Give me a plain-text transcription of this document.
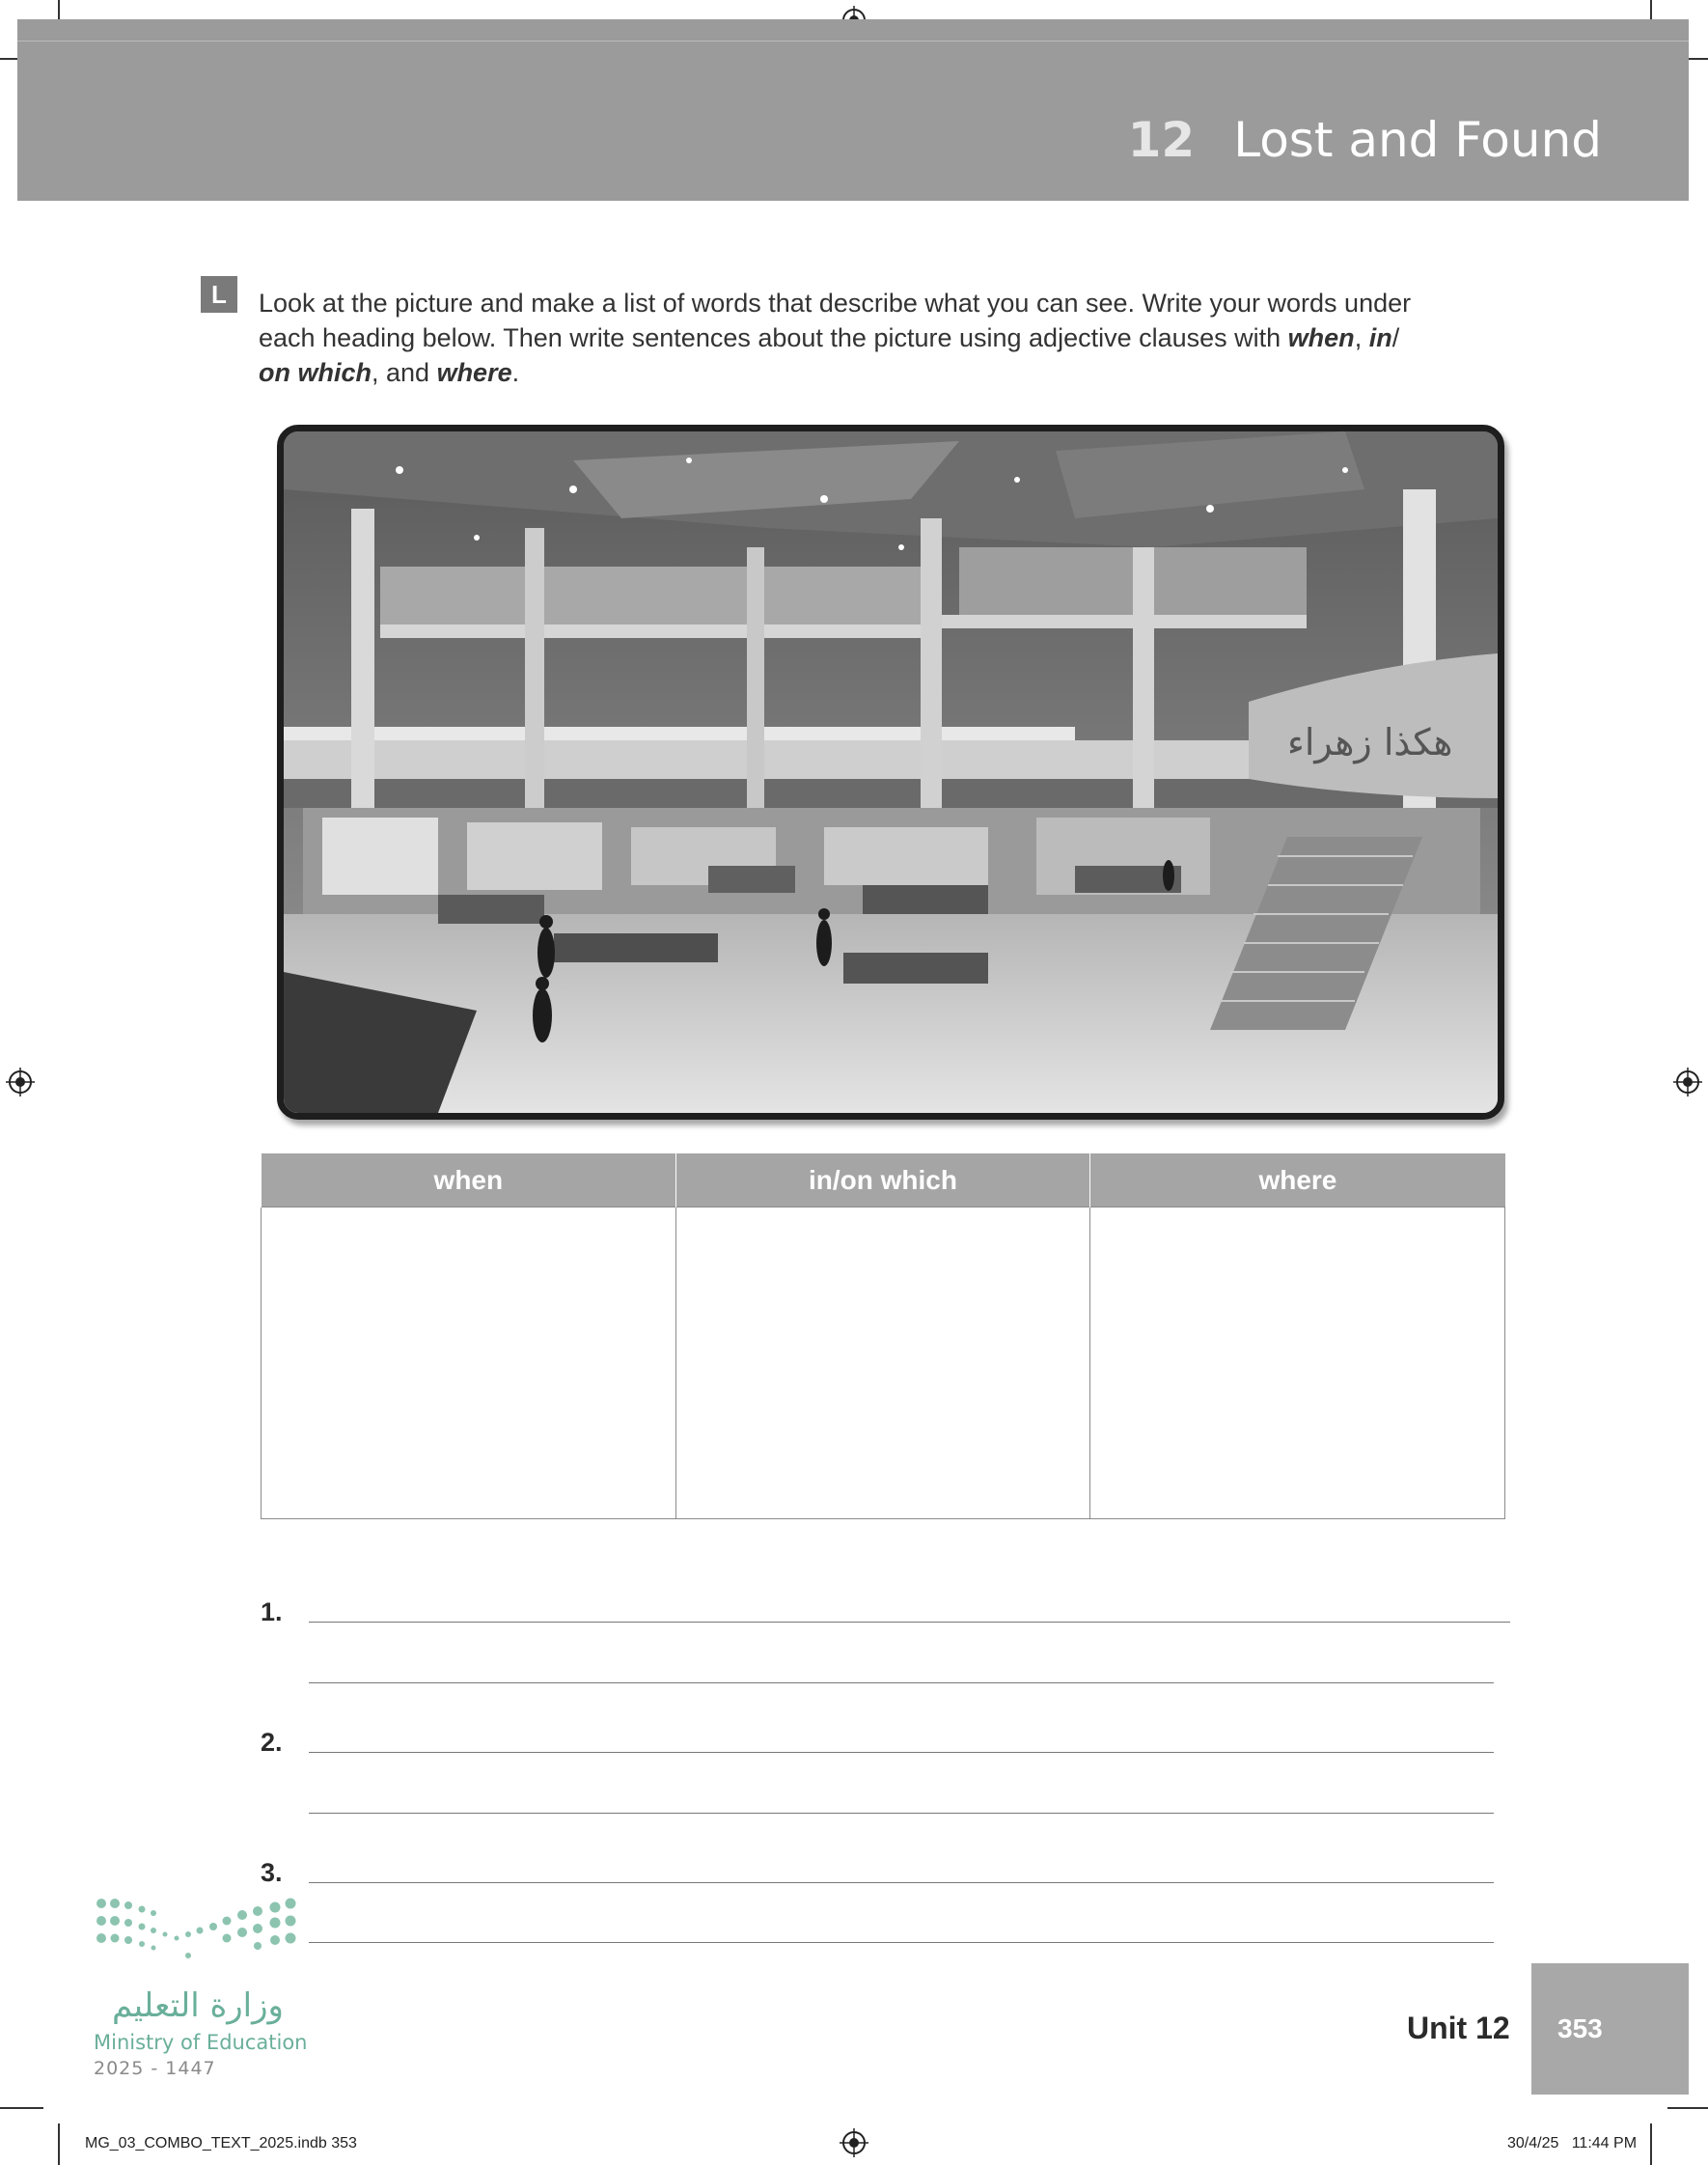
12 Lost and Found
L	Look at the picture and make a list of words that describe what you can see. Write your words under each heading below. Then write sentences about the picture using adjective clauses with when, in/
on which, and where.
هكذا زهراء
when	in/on which	where

1.
2.
3.
وزارة التعليم
Ministry of Education
2025 - 1447
Unit 12 353
MG_03_COMBO_TEXT_2025.indb 353	30/4/25   11:44 PM
